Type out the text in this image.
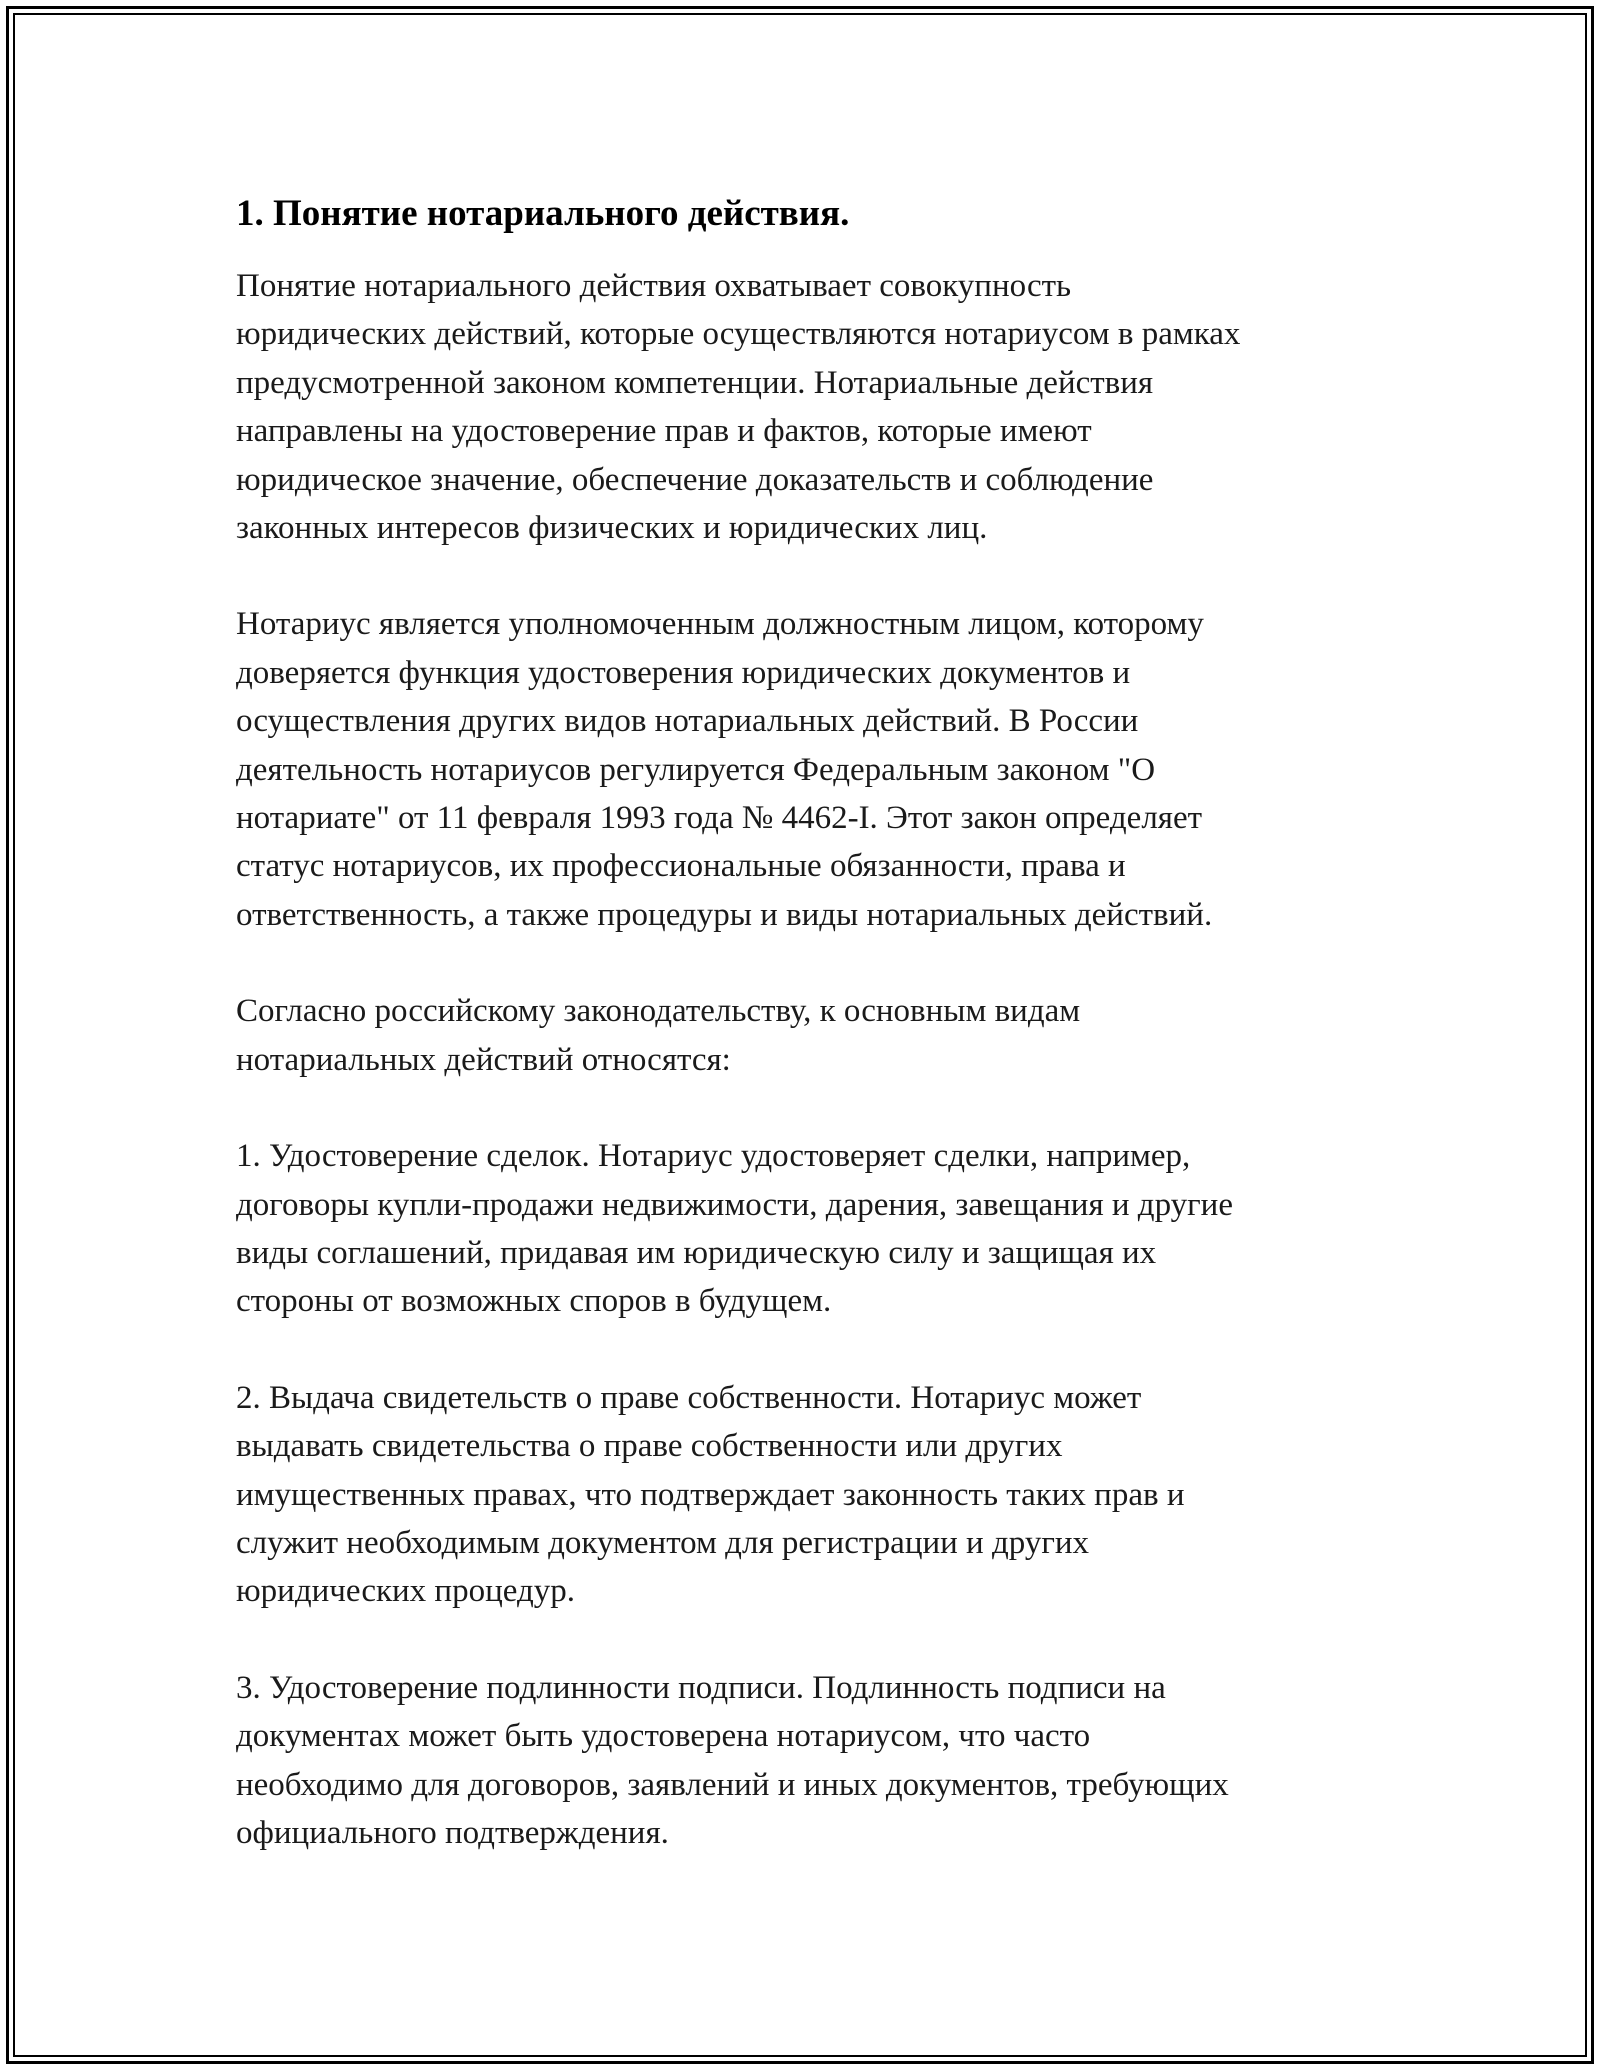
1. Понятие нотариального действия.

Понятие нотариального действия охватывает совокупность
юридических действий, которые осуществляются нотариусом в рамках
предусмотренной законом компетенции. Нотариальные действия
направлены на удостоверение прав и фактов, которые имеют
юридическое значение, обеспечение доказательств и соблюдение
законных интересов физических и юридических лиц.

Нотариус является уполномоченным должностным лицом, которому
доверяется функция удостоверения юридических документов и
осуществления других видов нотариальных действий. В России
деятельность нотариусов регулируется Федеральным законом "О
нотариате" от 11 февраля 1993 года № 4462-I. Этот закон определяет
статус нотариусов, их профессиональные обязанности, права и
ответственность, а также процедуры и виды нотариальных действий.

Согласно российскому законодательству, к основным видам
нотариальных действий относятся:

1. Удостоверение сделок. Нотариус удостоверяет сделки, например,
договоры купли-продажи недвижимости, дарения, завещания и другие
виды соглашений, придавая им юридическую силу и защищая их
стороны от возможных споров в будущем.

2. Выдача свидетельств о праве собственности. Нотариус может
выдавать свидетельства о праве собственности или других
имущественных правах, что подтверждает законность таких прав и
служит необходимым документом для регистрации и других
юридических процедур.

3. Удостоверение подлинности подписи. Подлинность подписи на
документах может быть удостоверена нотариусом, что часто
необходимо для договоров, заявлений и иных документов, требующих
официального подтверждения.
